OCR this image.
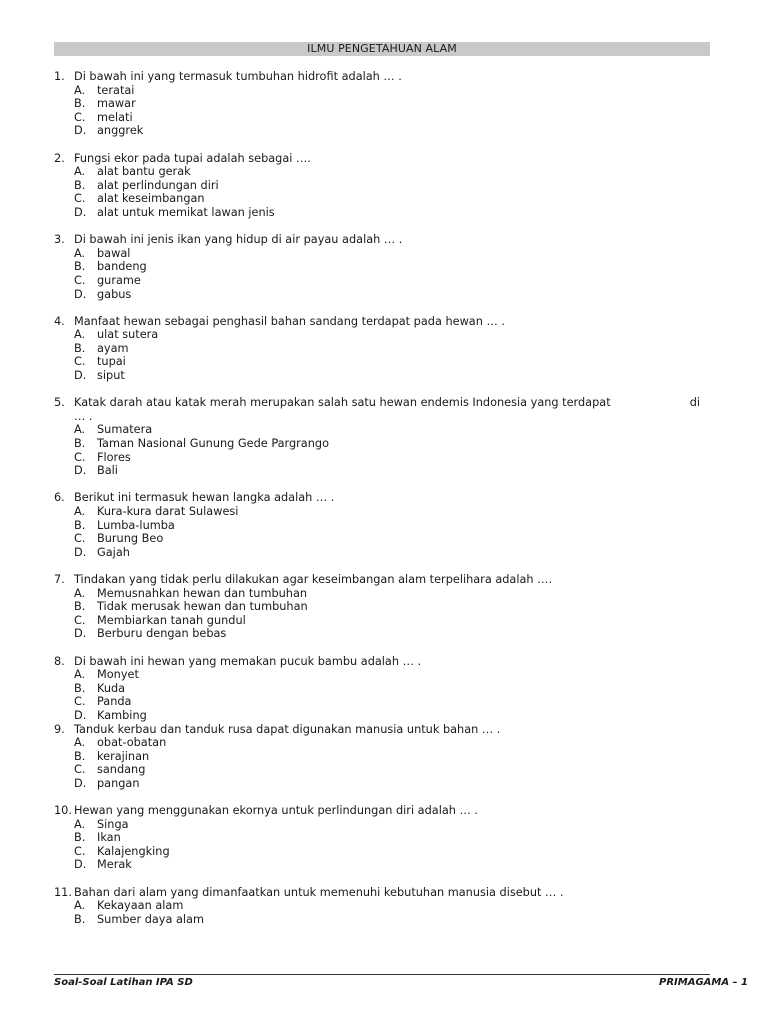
ILMU PENGETAHUAN ALAM
1. Di bawah ini yang termasuk tumbuhan hidrofit adalah … .
A.	teratai
B.	mawar
C.	melati
D. anggrek
2. Fungsi ekor pada tupai adalah sebagai ….
A.	alat bantu gerak
B.	alat perlindungan diri
C.	alat keseimbangan
D. alat untuk memikat lawan jenis
3. Di bawah ini jenis ikan yang hidup di air payau adalah … .
A.	bawal
B.	bandeng
C.	gurame
D. gabus
4. Manfaat hewan sebagai penghasil bahan sandang terdapat pada hewan … .
A.	ulat sutera
B.	ayam
C.	tupai
D. siput
5. Katak darah atau katak merah merupakan salah satu hewan endemis Indonesia yang terdapat	di
… .
A.	Sumatera
B.	Taman Nasional Gunung Gede Pargrango
C.	Flores
D. Bali
6. Berikut ini termasuk hewan langka adalah … .
A.	Kura-kura darat Sulawesi
B.	Lumba-lumba
C.	Burung Beo
D. Gajah
7. Tindakan yang tidak perlu dilakukan agar keseimbangan alam terpelihara adalah ….
A.	Memusnahkan hewan dan tumbuhan
B.	Tidak merusak hewan dan tumbuhan
C.	Membiarkan tanah gundul
D. Berburu dengan bebas
8. Di bawah ini hewan yang memakan pucuk bambu adalah … .
A.	Monyet
B.	Kuda
C.	Panda
D. Kambing
9. Tanduk kerbau dan tanduk rusa dapat digunakan manusia untuk bahan … .
A.	obat-obatan
B.	kerajinan
C.	sandang
D. pangan
10. Hewan yang menggunakan ekornya untuk perlindungan diri adalah … .
A.	Singa
B.	Ikan
C.	Kalajengking
D. Merak
11. Bahan dari alam yang dimanfaatkan untuk memenuhi kebutuhan manusia disebut … .
A.	Kekayaan alam
B.	Sumber daya alam
Soal-Soal Latihan IPA SD	PRIMAGAMA – 1
